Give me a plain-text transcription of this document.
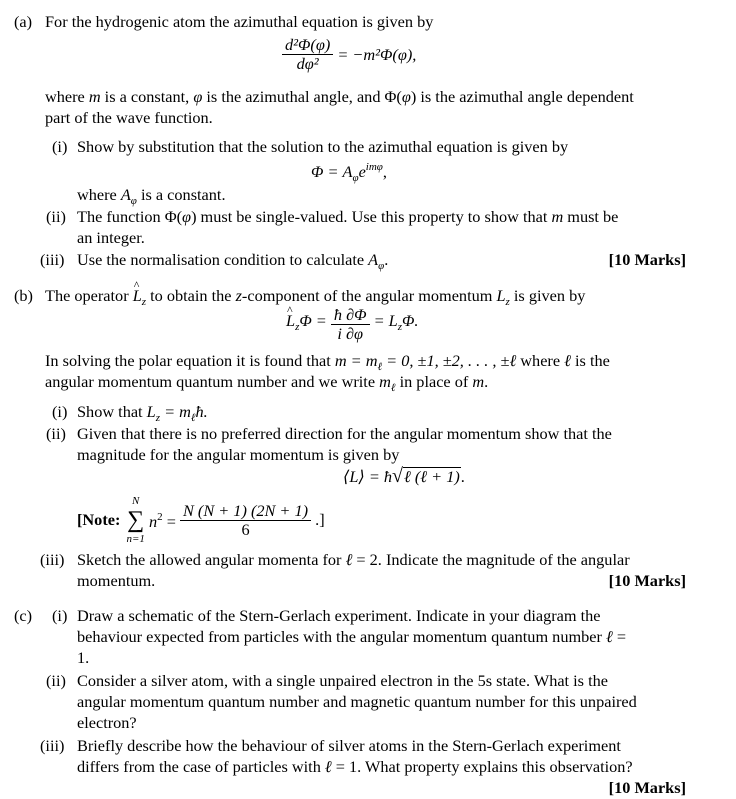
(a) For the hydrogenic atom the azimuthal equation is given by
$\frac{\text{d²Φ(φ)}}{\text{dφ²}} = -m^2\Phi(\varphi)$,
where m is a constant, φ is the azimuthal angle, and Φ(φ) is the azimuthal angle dependent
part of the wave function.
(i) Show by substitution that the solution to the azimuthal equation is given by
$\Phi = A_\varphi e^{im\varphi}$,
where $A_\varphi$ is a constant.
(ii) The function Φ(φ) must be single-valued. Use this property to show that m must be
an integer.
(iii) Use the normalisation condition to calculate $A_\varphi$.	[10 Marks]
(b) The operator ^ $L_z$ to obtain the z-component of the angular momentum $L_z$ is given by
^ $L_z\Phi = \frac{ħ \partial\Phi}{i \partial\varphi} = L_z\Phi$.
In solving the polar equation it is found that $m = m_\ell = 0$, ±1, ±2, . . . , ±ℓ where ℓ is the
angular momentum quantum number and we write $m_\ell$ in place of m.
(i) Show that $L_z$ = $m_\ell ħ$.
(ii) Given that there is no preferred direction for the angular momentum show that the
magnitude for the angular momentum is given by
⟨L⟩ = ħ√ℓ (ℓ + 1).
[Note:
N
∑
n=1
$n^2 = \frac{N (N + 1) (2N + 1)}{6}$ .]
(iii) Sketch the allowed angular momenta for ℓ = 2. Indicate the magnitude of the angular
momentum.	[10 Marks]
(c) (i) Draw a schematic of the Stern-Gerlach experiment. Indicate in your diagram the
behaviour expected from particles with the angular momentum quantum number ℓ =
1.
(ii) Consider a silver atom, with a single unpaired electron in the 5s state. What is the
angular momentum quantum number and magnetic quantum number for this unpaired
electron?
(iii) Briefly describe how the behaviour of silver atoms in the Stern-Gerlach experiment
differs from the case of particles with ℓ = 1. What property explains this observation?
[10 Marks]
